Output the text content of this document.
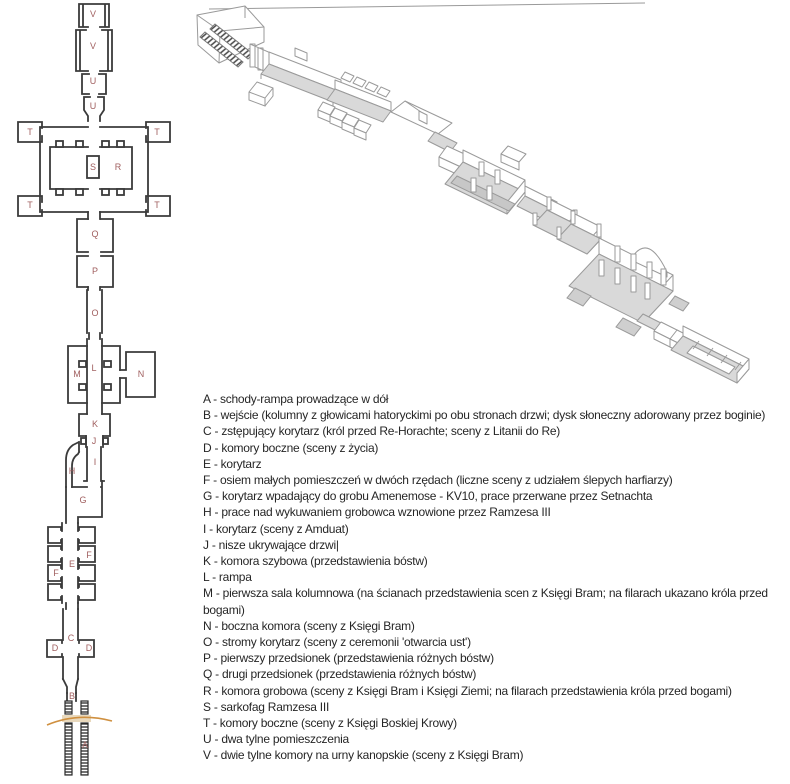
V
V
U
U
T	T
S R
T	T
Q
P
O
L
M	N
K
J
I
H
G
F
E
F
C
D	D
B
A
A - schody-rampa prowadzące w dół
B - wejście (kolumny z głowicami hatoryckimi po obu stronach drzwi; dysk słoneczny adorowany przez boginie)
C - zstępujący korytarz (król przed Re-Horachte; sceny z Litanii do Re)
D - komory boczne (sceny z życia)
E - korytarz
F - osiem małych pomieszczeń w dwóch rzędach (liczne sceny z udziałem ślepych harfiarzy)
G - korytarz wpadający do grobu Amenemose - KV10, prace przerwane przez Setnachta
H - prace nad wykuwaniem grobowca wznowione przez Ramzesa III
I - korytarz (sceny z Amduat)
J - nisze ukrywające drzwi|
K - komora szybowa (przedstawienia bóstw)
L - rampa
M - pierwsza sala kolumnowa (na ścianach przedstawienia scen z Księgi Bram; na filarach ukazano króla przed bogami)
N - boczna komora (sceny z Księgi Bram)
O - stromy korytarz (sceny z ceremonii 'otwarcia ust')
P - pierwszy przedsionek (przedstawienia różnych bóstw)
Q - drugi przedsionek (przedstawienia różnych bóstw)
R - komora grobowa (sceny z Księgi Bram i Księgi Ziemi; na filarach przedstawienia króla przed bogami)
S - sarkofag Ramzesa III
T - komory boczne (sceny z Księgi Boskiej Krowy)
U - dwa tylne pomieszczenia
V - dwie tylne komory na urny kanopskie (sceny z Księgi Bram)
